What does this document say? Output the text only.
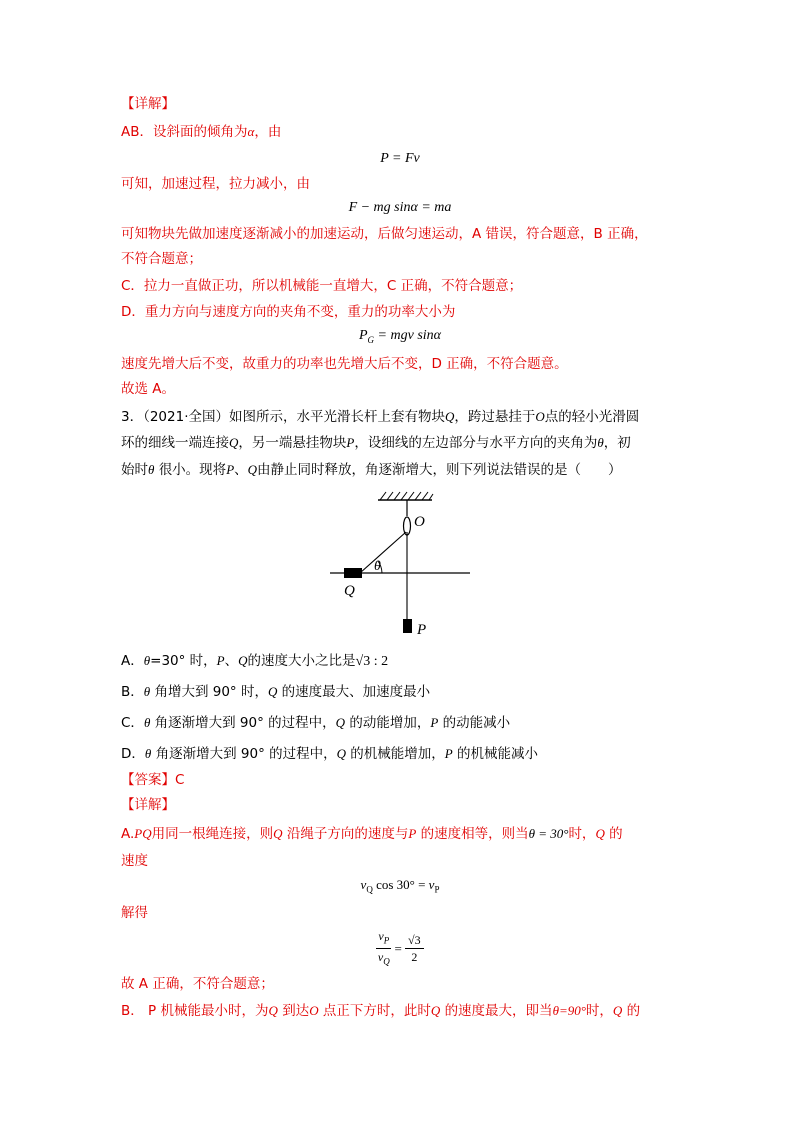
【详解】
AB．设斜面的倾角为α，由
P = Fv
可知，加速过程，拉力减小，由
F − mg sinα = ma
可知物块先做加速度逐渐减小的加速运动，后做匀速运动，A 错误，符合题意，B 正确，
不符合题意；
C．拉力一直做正功，所以机械能一直增大，C 正确，不符合题意；
D．重力方向与速度方向的夹角不变，重力的功率大小为
$P_G$ = mgv sinα
速度先增大后不变，故重力的功率也先增大后不变，D 正确，不符合题意。
故选 A。
3．（2021·全国）如图所示，水平光滑长杆上套有物块Q，跨过悬挂于O点的轻小光滑圆
环的细线一端连接Q，另一端悬挂物块P，设细线的左边部分与水平方向的夹角为θ，初
始时θ 很小。现将P、Q由静止同时释放，角逐渐增大，则下列说法错误的是（　　）
O
θ
Q
P
A．θ=30° 时，P、Q的速度大小之比是√3 : 2
B．θ 角增大到 90° 时，Q 的速度最大、加速度最小
C．θ 角逐渐增大到 90° 的过程中，Q 的动能增加，P 的动能减小
D．θ 角逐渐增大到 90° 的过程中，Q 的机械能增加，P 的机械能减小
【答案】C
【详解】
A.PQ用同一根绳连接，则Q 沿绳子方向的速度与P 的速度相等，则当θ = 30°时，Q 的
速度
$v_Q$ $\cos 30^\circ = v_P$
解得
$\frac{v_P}{v_Q} = \frac{√3}{2}$
故 A 正确，不符合题意；
B． P 机械能最小时，为Q 到达O 点正下方时，此时Q 的速度最大，即当θ=90°时，Q 的
